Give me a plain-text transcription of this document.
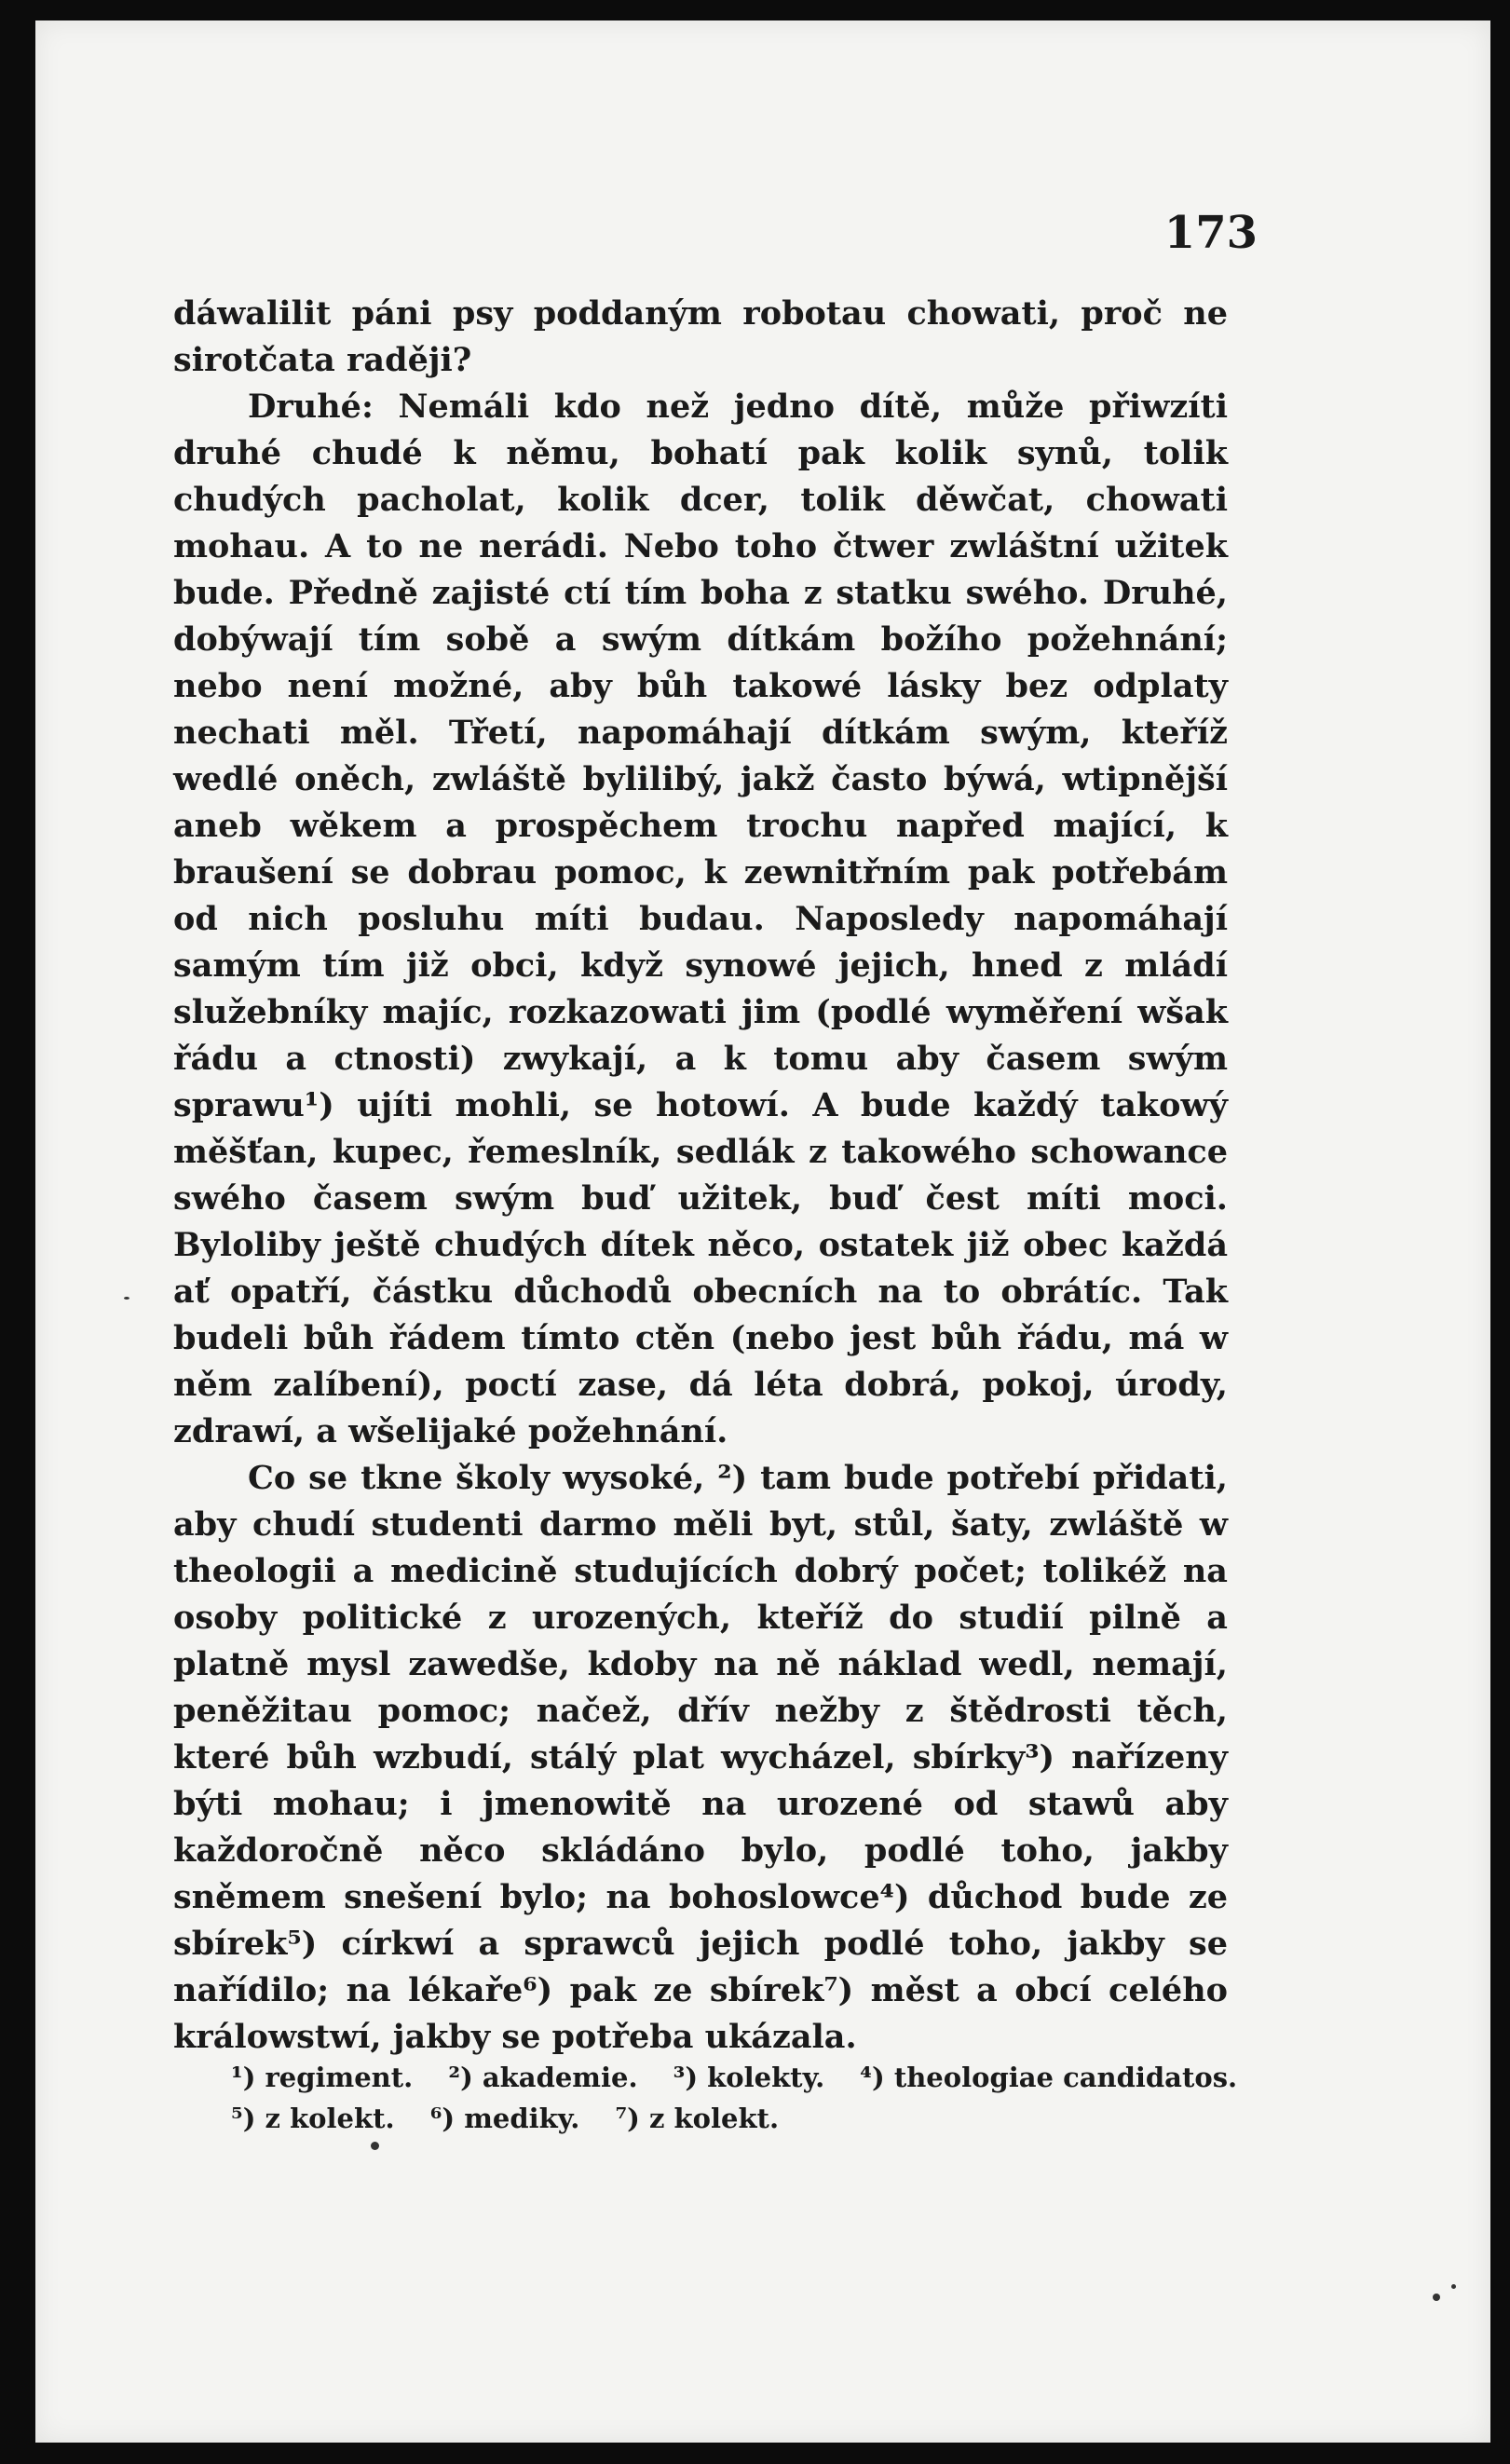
173

dáwalilit páni psy poddaným robotau chowati, proč ne sirotčata raději?

Druhé: Nemáli kdo než jedno dítě, může přiwzíti druhé chudé k němu, bohatí pak kolik synů, tolik chudých pacholat, kolik dcer, tolik děwčat, chowati mohau. A to ne nerádi. Nebo toho čtwer zwláštní užitek bude. Předně zajisté ctí tím boha z statku swého. Druhé, dobýwají tím sobě a swým dítkám božího požehnání; nebo není možné, aby bůh takowé lásky bez odplaty nechati měl. Třetí, napomáhají dítkám swým, kteříž wedlé oněch, zwláště bylilibý, jakž často býwá, wtipnější aneb wěkem a prospěchem trochu napřed mající, k braušení se dobrau pomoc, k zewnitřním pak potřebám od nich posluhu míti budau. Naposledy napomáhají samým tím již obci, když synowé jejich, hned z mládí služebníky majíc, rozkazowati jim (podlé wyměření wšak řádu a ctnosti) zwykají, a k tomu aby časem swým sprawu¹) ujíti mohli, se hotowí. A bude každý takowý měšťan, kupec, řemeslník, sedlák z takowého schowance swého časem swým buď užitek, buď čest míti moci. Byloliby ještě chudých dítek něco, ostatek již obec každá ať opatří, částku důchodů obecních na to obrátíc. Tak budeli bůh řádem tímto ctěn (nebo jest bůh řádu, má w něm zalíbení), poctí zase, dá léta dobrá, pokoj, úrody, zdrawí, a wšelijaké požehnání.

Co se tkne školy wysoké, ²) tam bude potřebí přidati, aby chudí studenti darmo měli byt, stůl, šaty, zwláště w theologii a medicině studujících dobrý počet; tolikéž na osoby politické z urozených, kteříž do studií pilně a platně mysl zawedše, kdoby na ně náklad wedl, nemají, peněžitau pomoc; načež, dřív nežby z štědrosti těch, které bůh wzbudí, stálý plat wycházel, sbírky³) nařízeny býti mohau; i jmenowitě na urozené od stawů aby každoročně něco skládáno bylo, podlé toho, jakby sněmem snešení bylo; na bohoslowce⁴) důchod bude ze sbírek⁵) církwí a sprawců jejich podlé toho, jakby se nařídilo; na lékaře⁶) pak ze sbírek⁷) měst a obcí celého králowstwí, jakby se potřeba ukázala.

¹) regiment. ²) akademie. ³) kolekty. ⁴) theologiae candidatos.
⁵) z kolekt. ⁶) mediky. ⁷) z kolekt.
